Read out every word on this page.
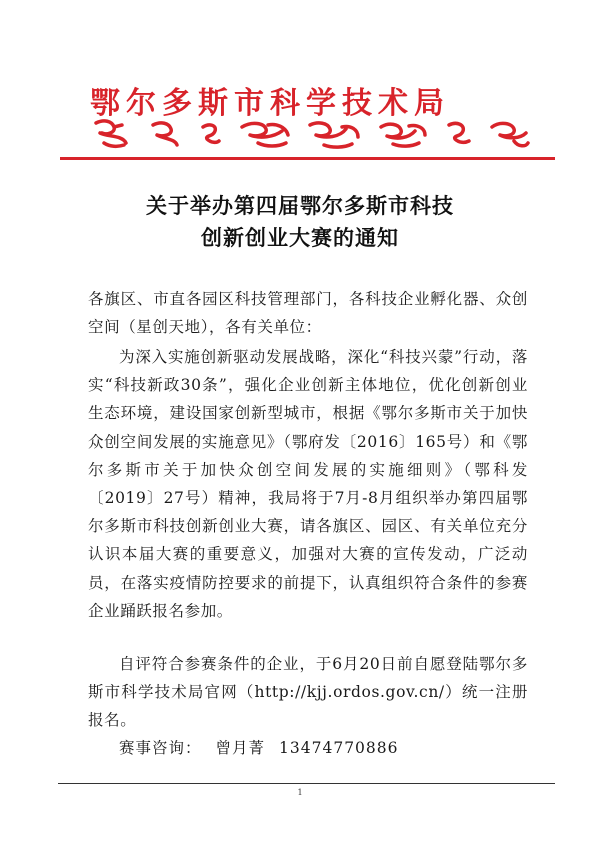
鄂尔多斯市科学技术局
关于举办第四届鄂尔多斯市科技
创新创业大赛的通知
各旗区、市直各园区科技管理部门，各科技企业孵化器、众创空间（星创天地），各有关单位：
为深入实施创新驱动发展战略，深化“科技兴蒙”行动，落实“科技新政30条”，强化企业创新主体地位，优化创新创业生态环境，建设国家创新型城市，根据《鄂尔多斯市关于加快众创空间发展的实施意见》（鄂府发〔2016〕165号）和《鄂尔多斯市关于加快众创空间发展的实施细则》（鄂科发〔2019〕27号）精神，我局将于7月-8月组织举办第四届鄂尔多斯市科技创新创业大赛，请各旗区、园区、有关单位充分认识本届大赛的重要意义，加强对大赛的宣传发动，广泛动员，在落实疫情防控要求的前提下，认真组织符合条件的参赛企业踊跃报名参加。
自评符合参赛条件的企业，于6月20日前自愿登陆鄂尔多斯市科学技术局官网（http://kjj.ordos.gov.cn/）统一注册报名。
赛事咨询： 曾月菁 13474770886
1
